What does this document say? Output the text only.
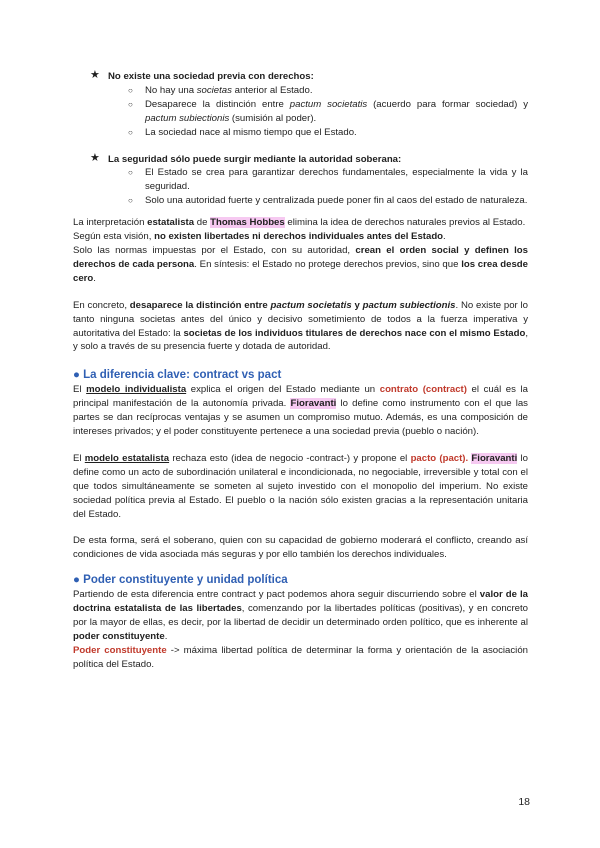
★ No existe una sociedad previa con derechos:
○ No hay una societas anterior al Estado.
○ Desaparece la distinción entre pactum societatis (acuerdo para formar sociedad) y pactum subiectionis (sumisión al poder).
○ La sociedad nace al mismo tiempo que el Estado.
★ La seguridad sólo puede surgir mediante la autoridad soberana:
○ El Estado se crea para garantizar derechos fundamentales, especialmente la vida y la seguridad.
○ Solo una autoridad fuerte y centralizada puede poner fin al caos del estado de naturaleza.
La interpretación estatalista de Thomas Hobbes elimina la idea de derechos naturales previos al Estado.
Según esta visión, no existen libertades ni derechos individuales antes del Estado.
Solo las normas impuestas por el Estado, con su autoridad, crean el orden social y definen los derechos de cada persona. En síntesis: el Estado no protege derechos previos, sino que los crea desde cero.
En concreto, desaparece la distinción entre pactum societatis y pactum subiectionis. No existe por lo tanto ninguna societas antes del único y decisivo sometimiento de todos a la fuerza imperativa y autoritativa del Estado: la societas de los individuos titulares de derechos nace con el mismo Estado, y solo a través de su presencia fuerte y dotada de autoridad.
● La diferencia clave: contract vs pact
El modelo individualista explica el origen del Estado mediante un contrato (contract) el cuál es la principal manifestación de la autonomía privada. Fioravanti lo define como instrumento con el que las partes se dan recíprocas ventajas y se asumen un compromiso mutuo. Además, es una composición de intereses privados; y el poder constituyente pertenece a una sociedad previa (pueblo o nación).
El modelo estatalista rechaza esto (idea de negocio -contract-) y propone el pacto (pact). Fioravanti lo define como un acto de subordinación unilateral e incondicionada, no negociable, irreversible y total con el que todos simultáneamente se someten al sujeto investido con el monopolio del imperium. No existe sociedad política previa al Estado. El pueblo o la nación sólo existen gracias a la representación unitaria del Estado.
De esta forma, será el soberano, quien con su capacidad de gobierno moderará el conflicto, creando así condiciones de vida asociada más seguras y por ello también los derechos individuales.
● Poder constituyente y unidad política
Partiendo de esta diferencia entre contract y pact podemos ahora seguir discurriendo sobre el valor de la doctrina estatalista de las libertades, comenzando por la libertades políticas (positivas), y en concreto por la mayor de ellas, es decir, por la libertad de decidir un determinado orden político, que es inherente al poder constituyente.
Poder constituyente -> máxima libertad política de determinar la forma y orientación de la asociación política del Estado.
18
